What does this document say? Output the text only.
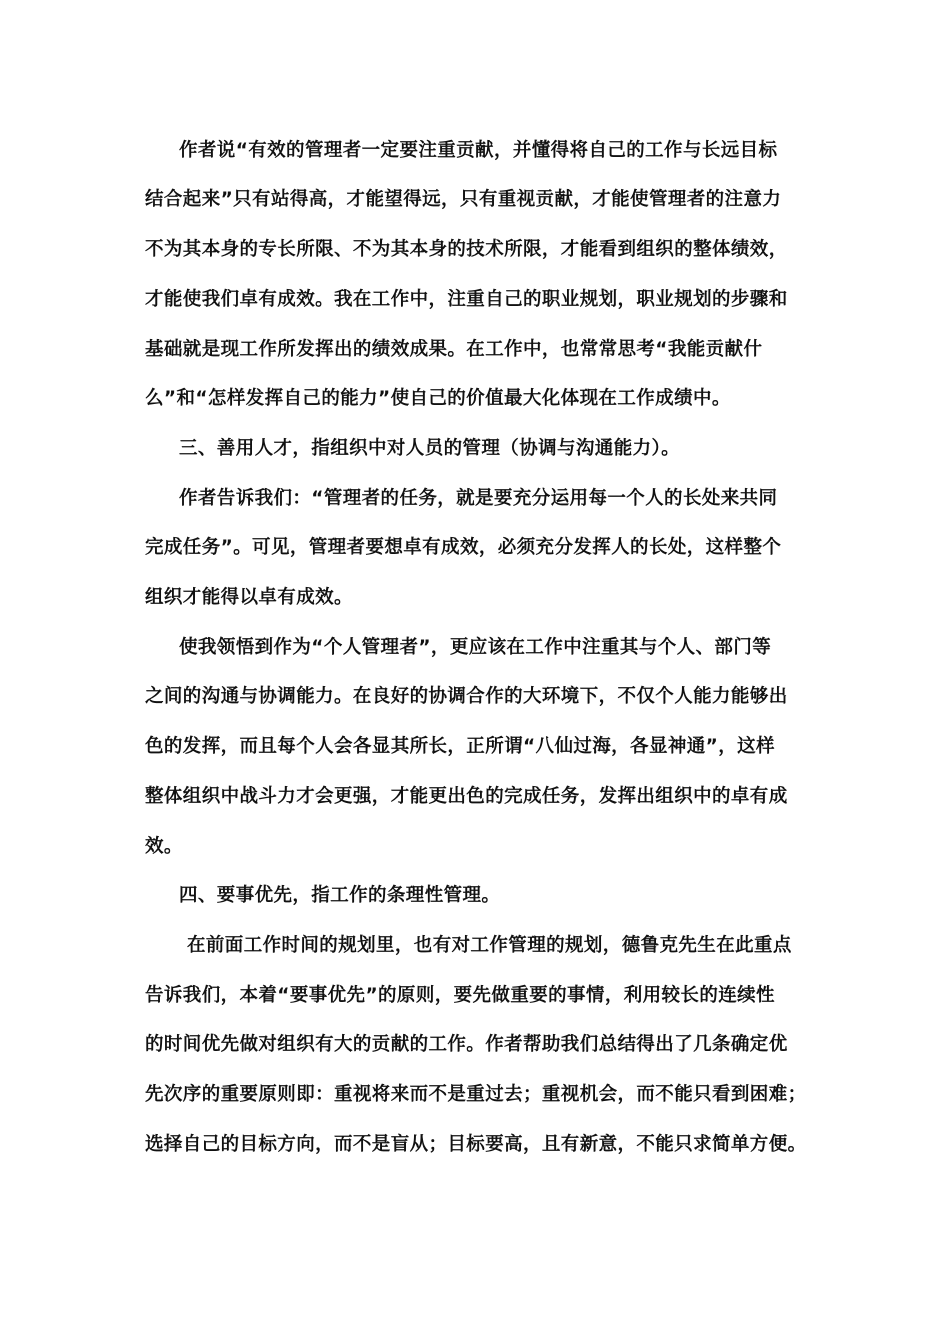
作者说“有效的管理者一定要注重贡献，并懂得将自己的工作与长远目标
结合起来”只有站得高，才能望得远，只有重视贡献，才能使管理者的注意力
不为其本身的专长所限、不为其本身的技术所限，才能看到组织的整体绩效，
才能使我们卓有成效。我在工作中，注重自己的职业规划，职业规划的步骤和
基础就是现工作所发挥出的绩效成果。在工作中，也常常思考“我能贡献什
么”和“怎样发挥自己的能力”使自己的价值最大化体现在工作成绩中。
三、善用人才，指组织中对人员的管理（协调与沟通能力）。
作者告诉我们：“管理者的任务，就是要充分运用每一个人的长处来共同
完成任务”。可见，管理者要想卓有成效，必须充分发挥人的长处，这样整个
组织才能得以卓有成效。
使我领悟到作为“个人管理者”，更应该在工作中注重其与个人、部门等
之间的沟通与协调能力。在良好的协调合作的大环境下，不仅个人能力能够出
色的发挥，而且每个人会各显其所长，正所谓“八仙过海，各显神通”，这样
整体组织中战斗力才会更强，才能更出色的完成任务，发挥出组织中的卓有成
效。
四、要事优先，指工作的条理性管理。
在前面工作时间的规划里，也有对工作管理的规划，德鲁克先生在此重点
告诉我们，本着“要事优先”的原则，要先做重要的事情，利用较长的连续性
的时间优先做对组织有大的贡献的工作。作者帮助我们总结得出了几条确定优
先次序的重要原则即：重视将来而不是重过去；重视机会，而不能只看到困难；
选择自己的目标方向，而不是盲从；目标要高，且有新意，不能只求简单方便。
